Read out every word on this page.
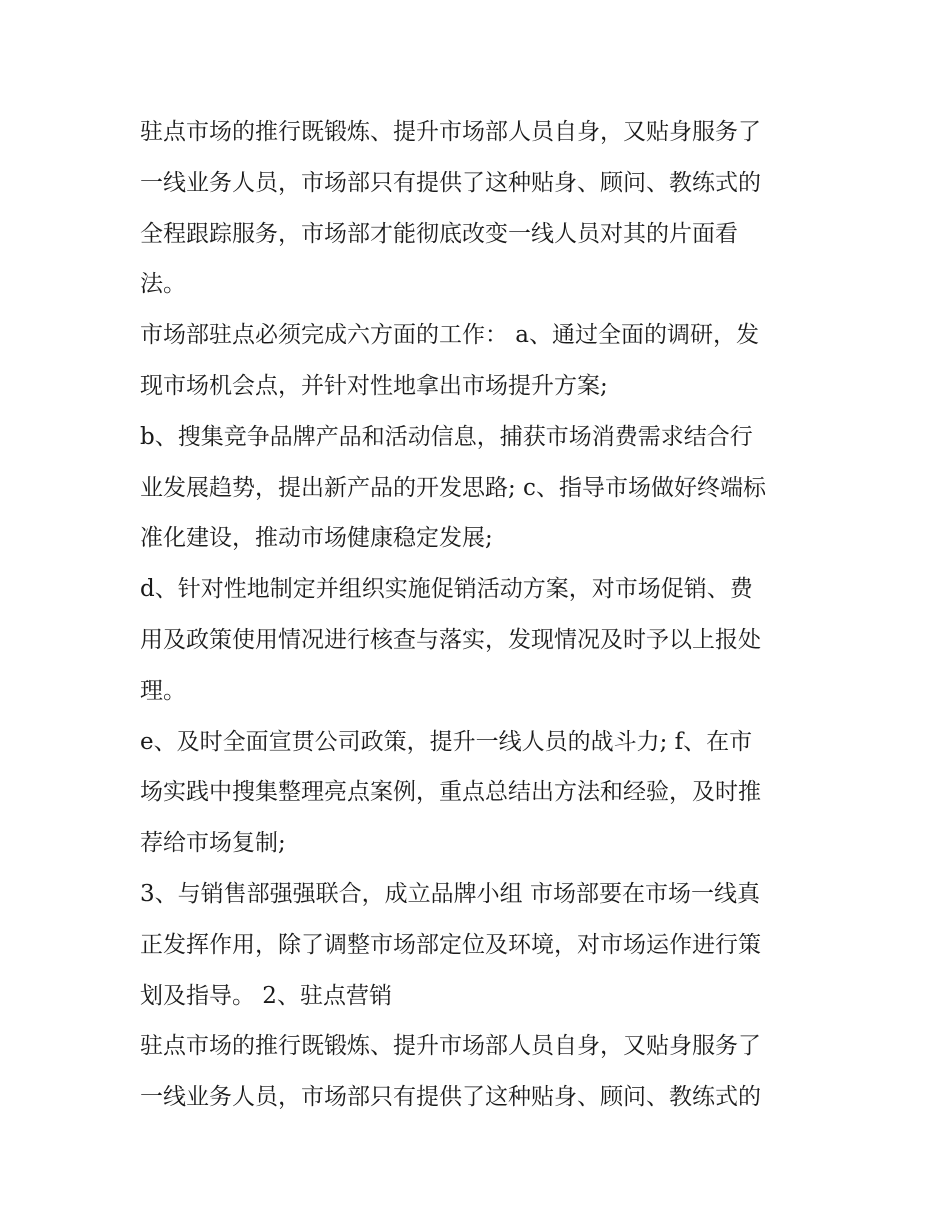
驻点市场的推行既锻炼、提升市场部人员自身，又贴身服务了
一线业务人员，市场部只有提供了这种贴身、顾问、教练式的
全程跟踪服务，市场部才能彻底改变一线人员对其的片面看
法。
市场部驻点必须完成六方面的工作： a、通过全面的调研，发
现市场机会点，并针对性地拿出市场提升方案;
b、搜集竞争品牌产品和活动信息，捕获市场消费需求结合行
业发展趋势，提出新产品的开发思路; c、指导市场做好终端标
准化建设，推动市场健康稳定发展;
d、针对性地制定并组织实施促销活动方案，对市场促销、费
用及政策使用情况进行核查与落实，发现情况及时予以上报处
理。
e、及时全面宣贯公司政策，提升一线人员的战斗力; f、在市
场实践中搜集整理亮点案例，重点总结出方法和经验，及时推
荐给市场复制;
3、与销售部强强联合，成立品牌小组 市场部要在市场一线真
正发挥作用，除了调整市场部定位及环境，对市场运作进行策
划及指导。 2、驻点营销
驻点市场的推行既锻炼、提升市场部人员自身，又贴身服务了
一线业务人员，市场部只有提供了这种贴身、顾问、教练式的
